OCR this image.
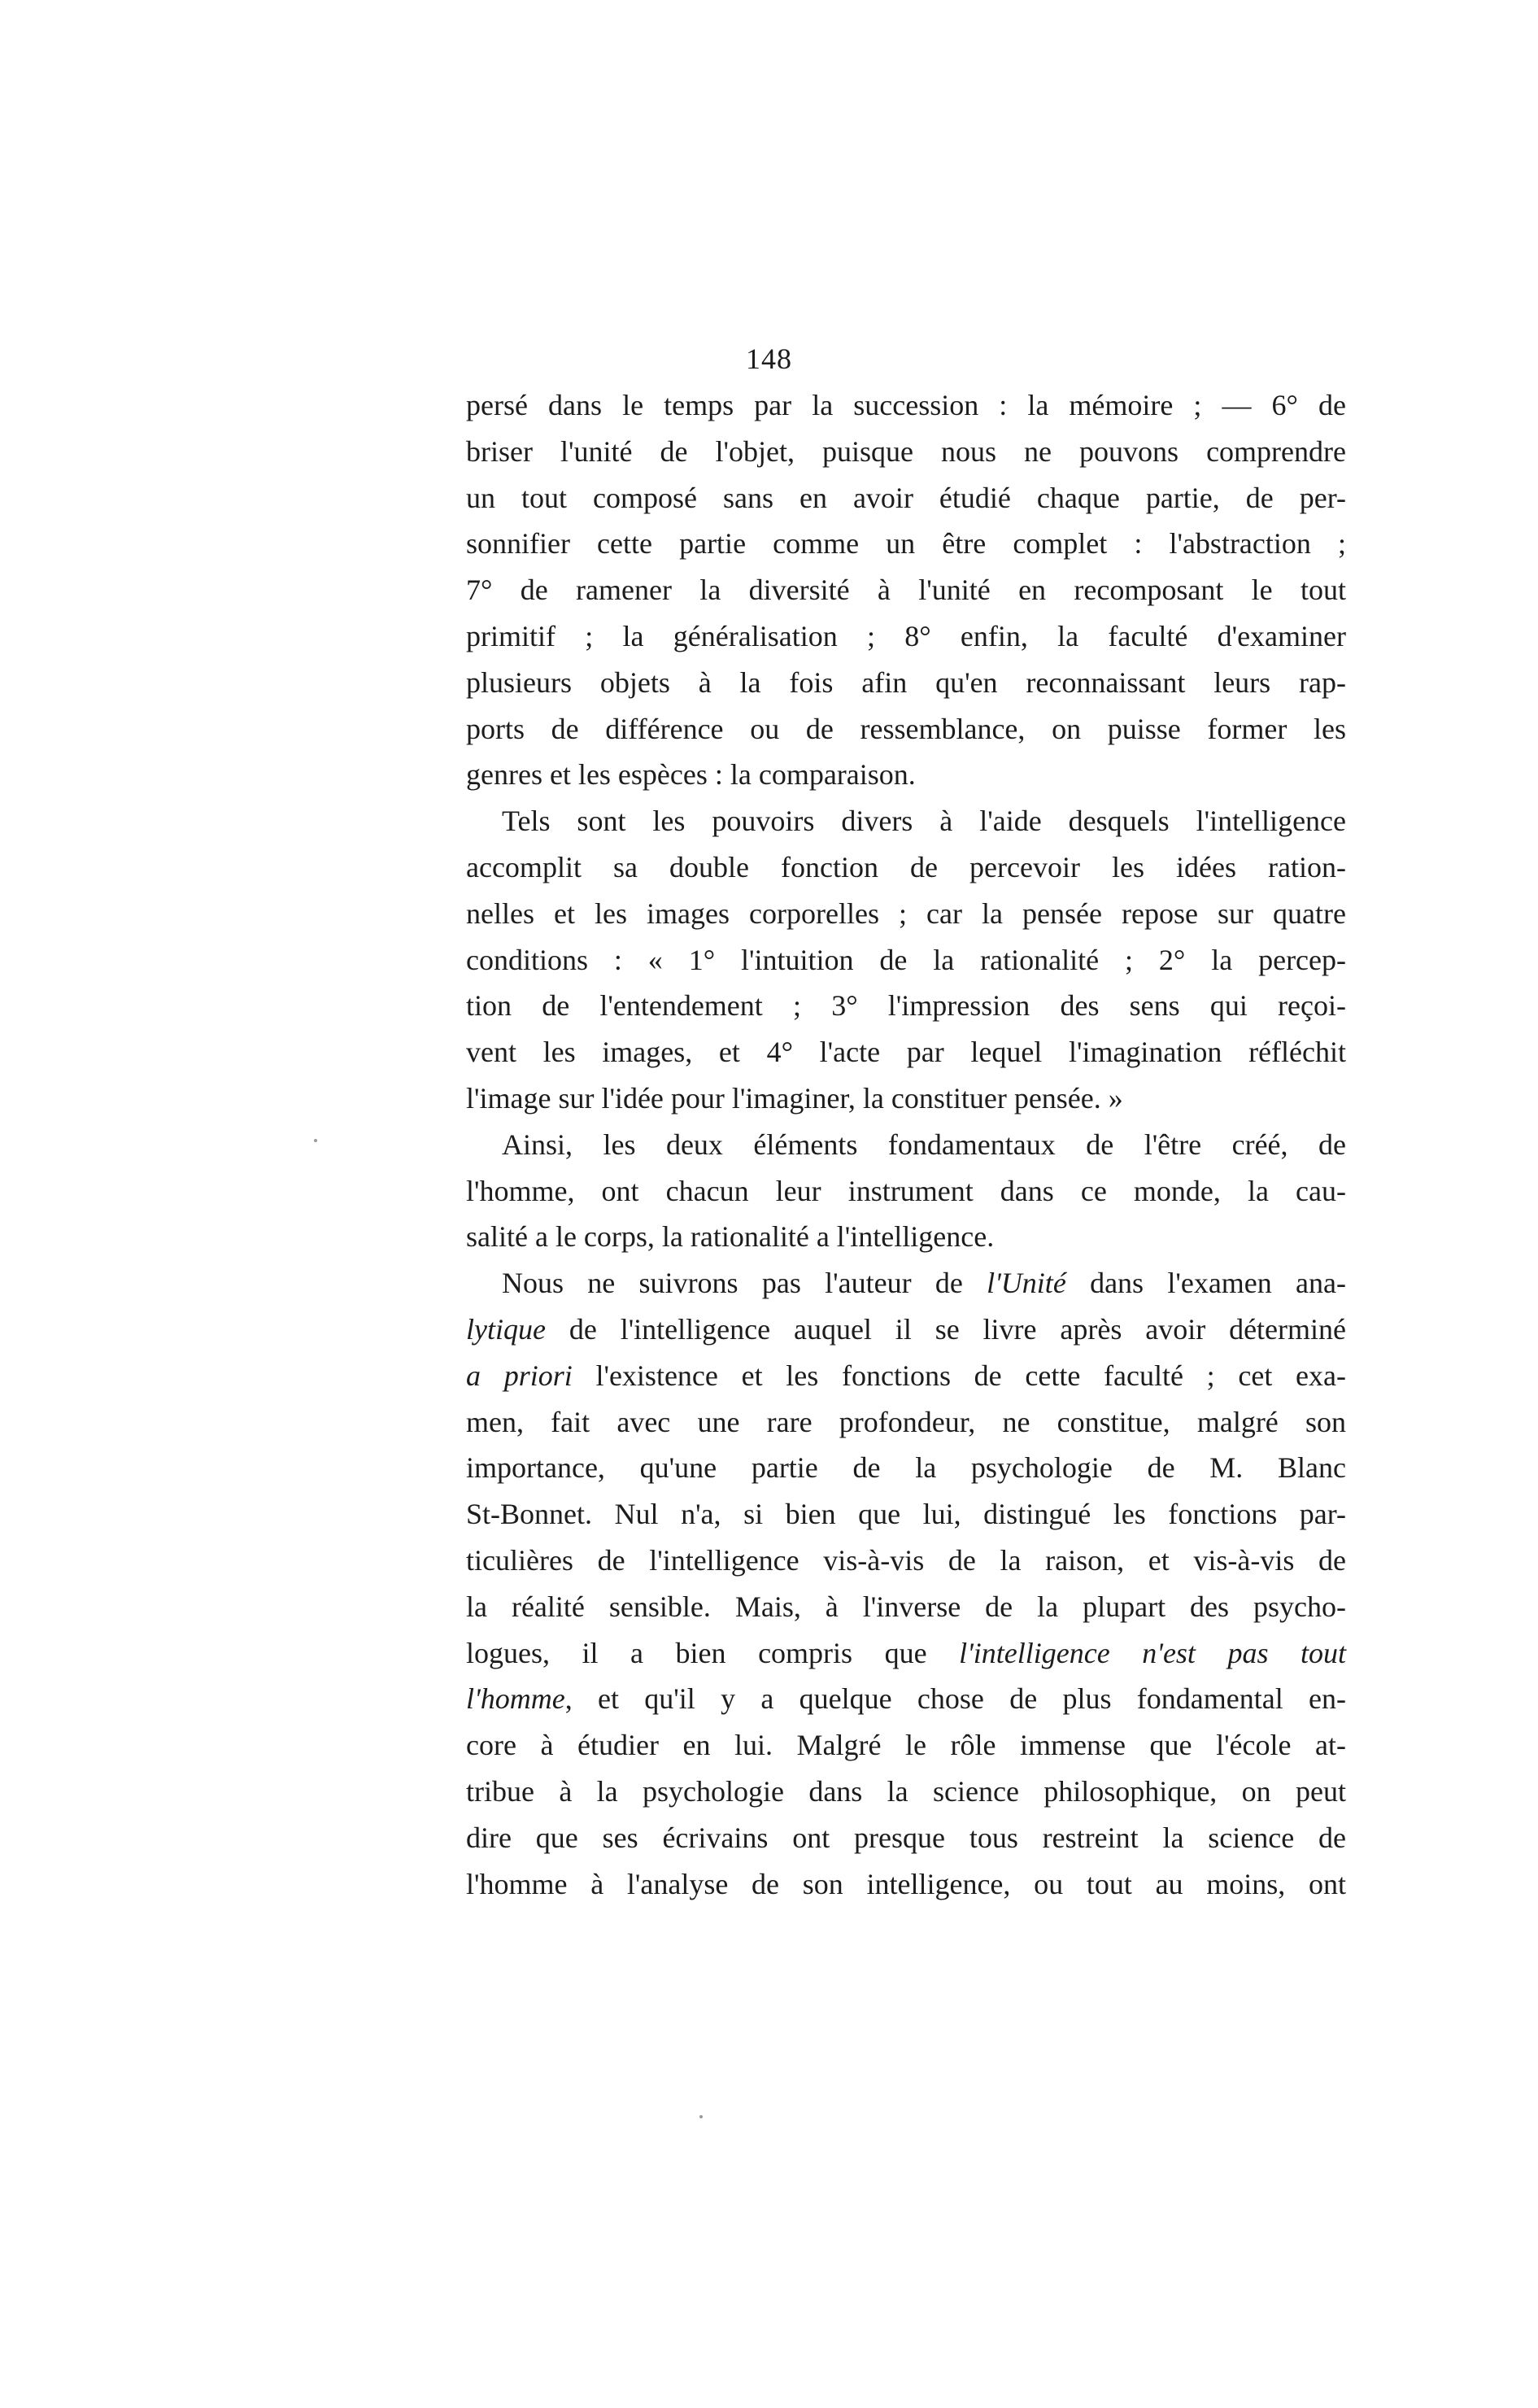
148
persé dans le temps par la succession : la mémoire ; — 6° de
briser l'unité de l'objet, puisque nous ne pouvons comprendre
un tout composé sans en avoir étudié chaque partie, de per-
sonnifier cette partie comme un être complet : l'abstraction ;
7° de ramener la diversité à l'unité en recomposant le tout
primitif ; la généralisation ; 8° enfin, la faculté d'examiner
plusieurs objets à la fois afin qu'en reconnaissant leurs rap-
ports de différence ou de ressemblance, on puisse former les
genres et les espèces : la comparaison.
Tels sont les pouvoirs divers à l'aide desquels l'intelligence
accomplit sa double fonction de percevoir les idées ration-
nelles et les images corporelles ; car la pensée repose sur quatre
conditions : « 1° l'intuition de la rationalité ; 2° la percep-
tion de l'entendement ; 3° l'impression des sens qui reçoi-
vent les images, et 4° l'acte par lequel l'imagination réfléchit
l'image sur l'idée pour l'imaginer, la constituer pensée. »
Ainsi, les deux éléments fondamentaux de l'être créé, de
l'homme, ont chacun leur instrument dans ce monde, la cau-
salité a le corps, la rationalité a l'intelligence.
Nous ne suivrons pas l'auteur de l'Unité dans l'examen ana-
lytique de l'intelligence auquel il se livre après avoir déterminé
a priori l'existence et les fonctions de cette faculté ; cet exa-
men, fait avec une rare profondeur, ne constitue, malgré son
importance, qu'une partie de la psychologie de M. Blanc
St-Bonnet. Nul n'a, si bien que lui, distingué les fonctions par-
ticulières de l'intelligence vis-à-vis de la raison, et vis-à-vis de
la réalité sensible. Mais, à l'inverse de la plupart des psycho-
logues, il a bien compris que l'intelligence n'est pas tout
l'homme, et qu'il y a quelque chose de plus fondamental en-
core à étudier en lui. Malgré le rôle immense que l'école at-
tribue à la psychologie dans la science philosophique, on peut
dire que ses écrivains ont presque tous restreint la science de
l'homme à l'analyse de son intelligence, ou tout au moins, ont
